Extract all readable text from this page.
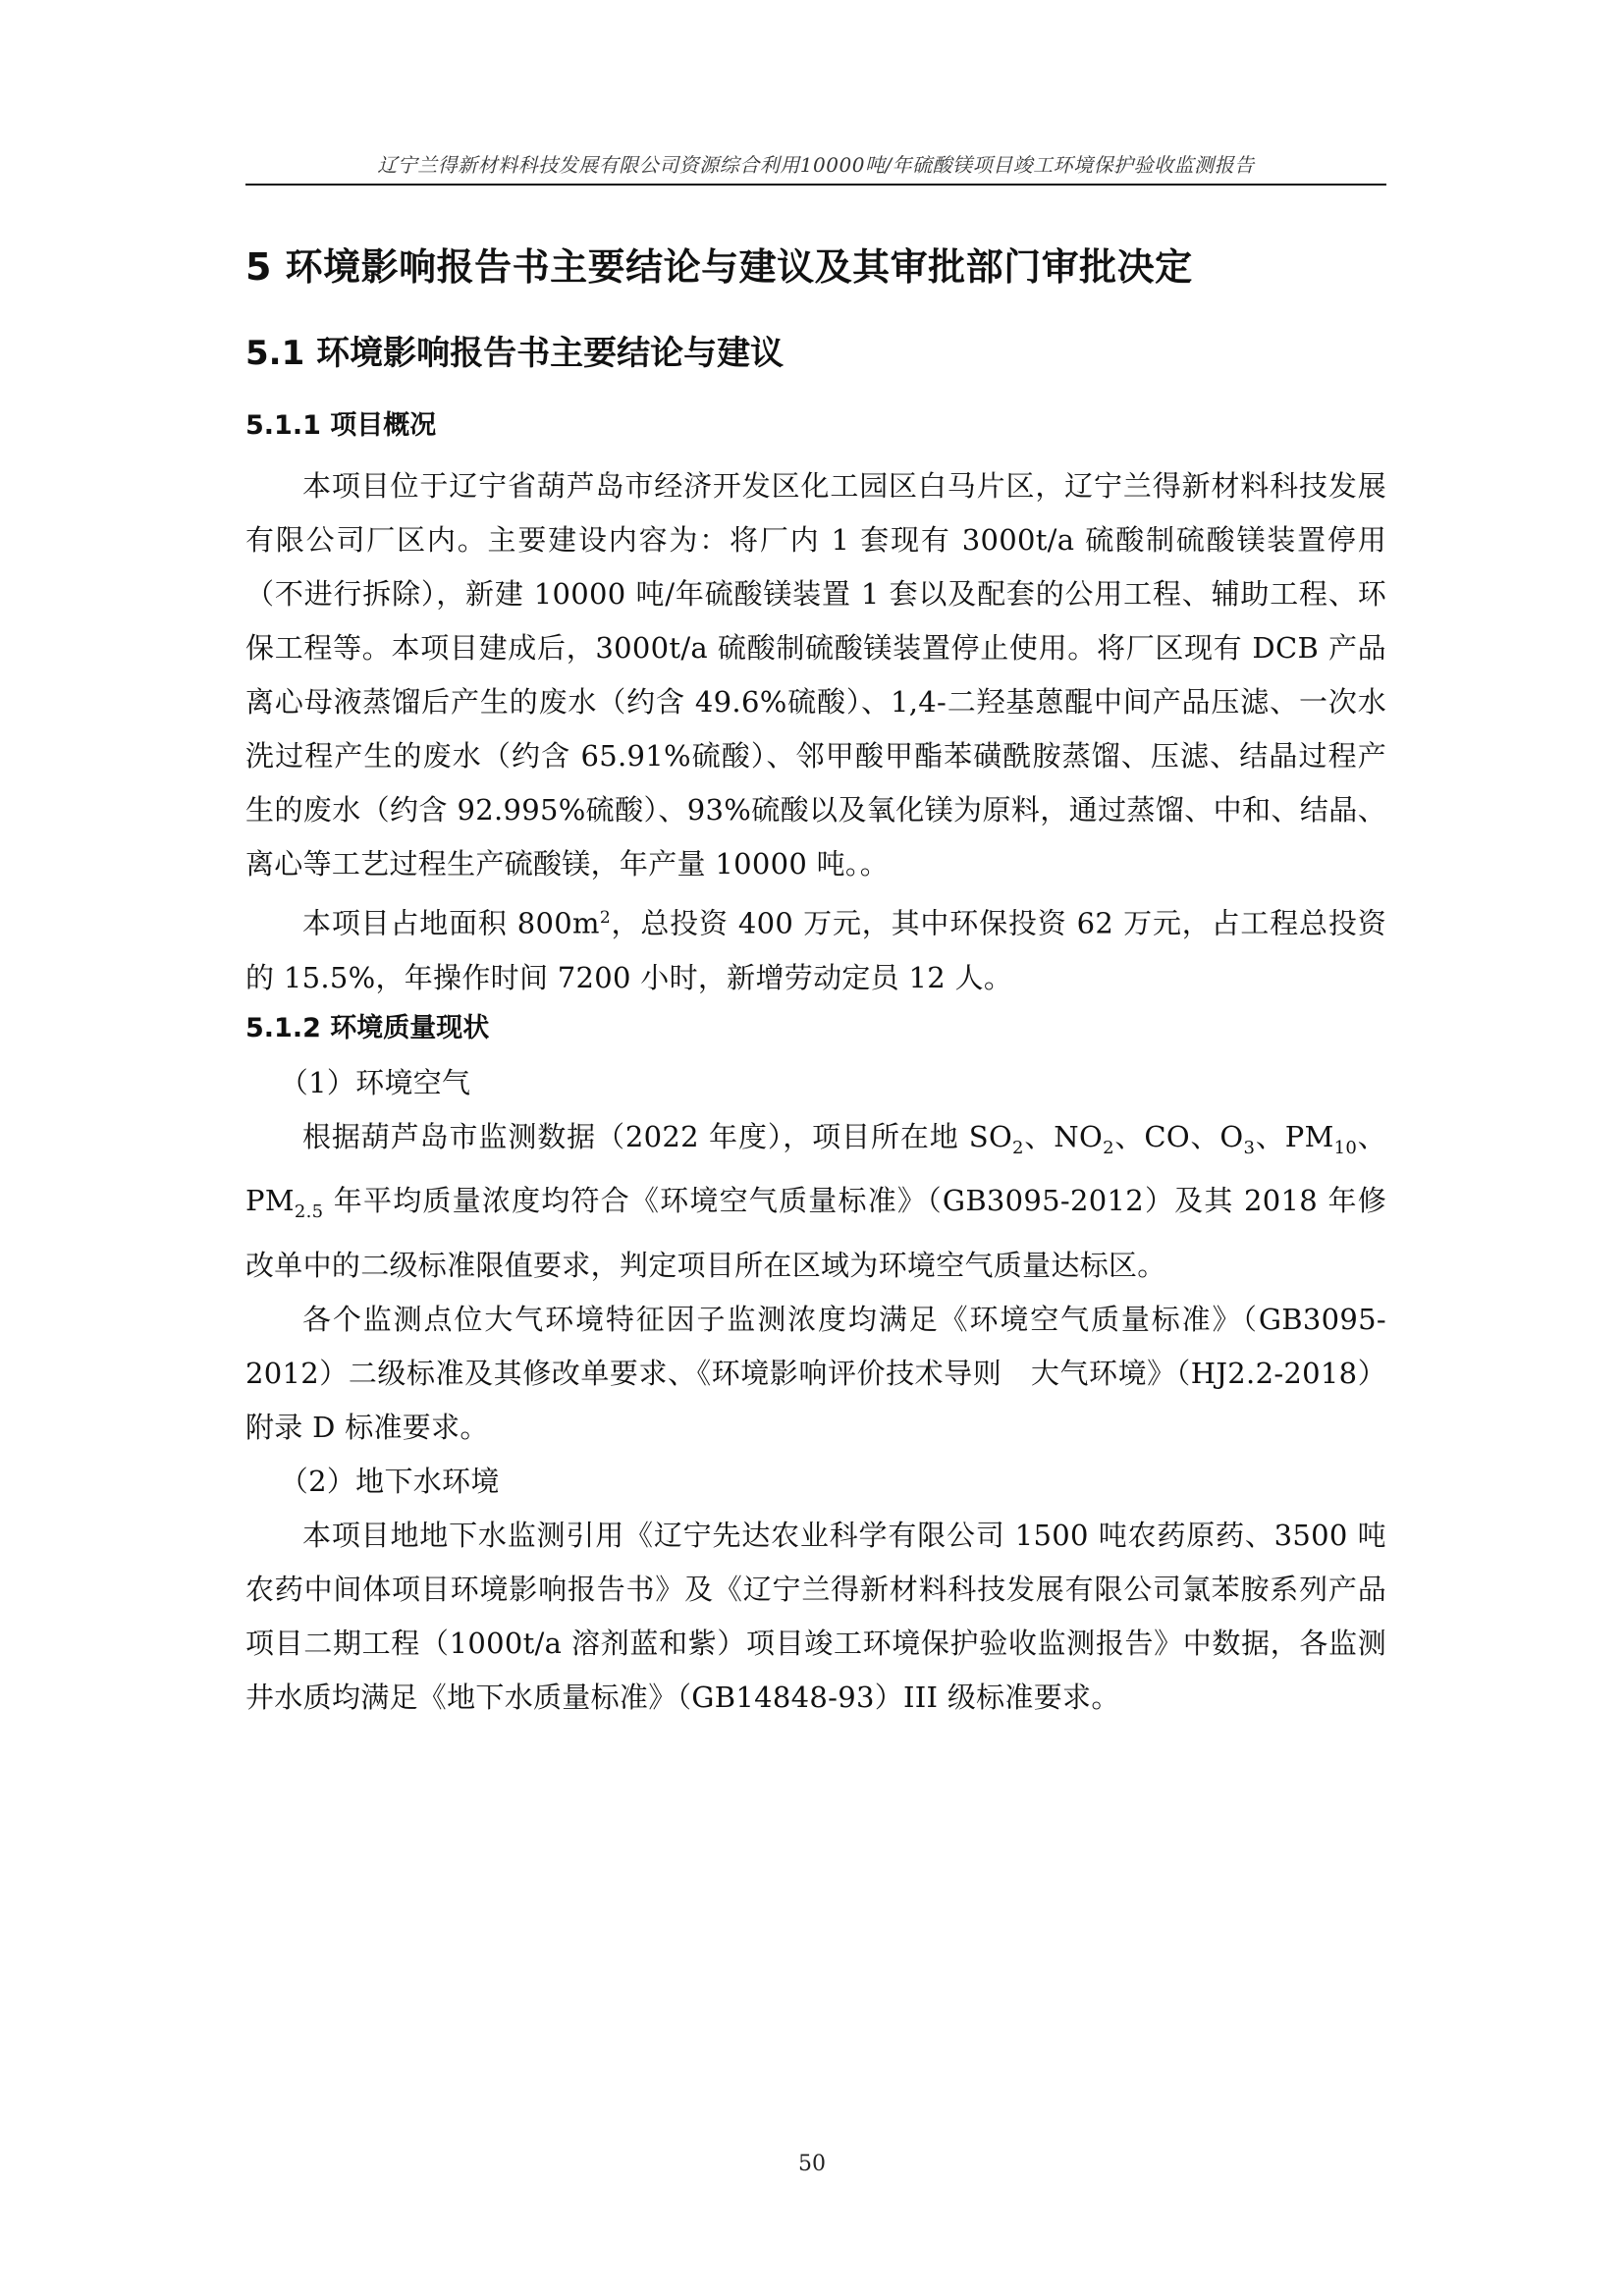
辽宁兰得新材料科技发展有限公司资源综合利用10000吨/年硫酸镁项目竣工环境保护验收监测报告
5 环境影响报告书主要结论与建议及其审批部门审批决定
5.1 环境影响报告书主要结论与建议
5.1.1 项目概况

本项目位于辽宁省葫芦岛市经济开发区化工园区白马片区，辽宁兰得新材料科技发展有限公司厂区内。主要建设内容为：将厂内 1 套现有 3000t/a 硫酸制硫酸镁装置停用（不进行拆除），新建 10000 吨/年硫酸镁装置 1 套以及配套的公用工程、辅助工程、环保工程等。本项目建成后，3000t/a 硫酸制硫酸镁装置停止使用。将厂区现有 DCB 产品离心母液蒸馏后产生的废水（约含 49.6%硫酸）、1,4-二羟基蒽醌中间产品压滤、一次水洗过程产生的废水（约含 65.91%硫酸）、邻甲酸甲酯苯磺酰胺蒸馏、压滤、结晶过程产生的废水（约含 92.995%硫酸）、93%硫酸以及氧化镁为原料，通过蒸馏、中和、结晶、离心等工艺过程生产硫酸镁，年产量 10000 吨。。

本项目占地面积 $800m^2$，总投资 400 万元，其中环保投资 62 万元，占工程总投资的 15.5%，年操作时间 7200 小时，新增劳动定员 12 人。

5.1.2 环境质量现状

（1）环境空气

根据葫芦岛市监测数据（2022 年度），项目所在地 $SO_2$、$NO_2$、CO、$O_3$、$PM_{10}$、$PM_{2.5}$ 年平均质量浓度均符合《环境空气质量标准》（GB3095-2012）及其 2018 年修改单中的二级标准限值要求，判定项目所在区域为环境空气质量达标区。

各个监测点位大气环境特征因子监测浓度均满足《环境空气质量标准》（GB3095-2012）二级标准及其修改单要求、《环境影响评价技术导则　大气环境》（HJ2.2-2018）附录 D 标准要求。

（2）地下水环境

本项目地地下水监测引用《辽宁先达农业科学有限公司 1500 吨农药原药、3500 吨农药中间体项目环境影响报告书》及《辽宁兰得新材料科技发展有限公司氯苯胺系列产品项目二期工程（1000t/a 溶剂蓝和紫）项目竣工环境保护验收监测报告》中数据，各监测井水质均满足《地下水质量标准》（GB14848-93）III 级标准要求。

50
